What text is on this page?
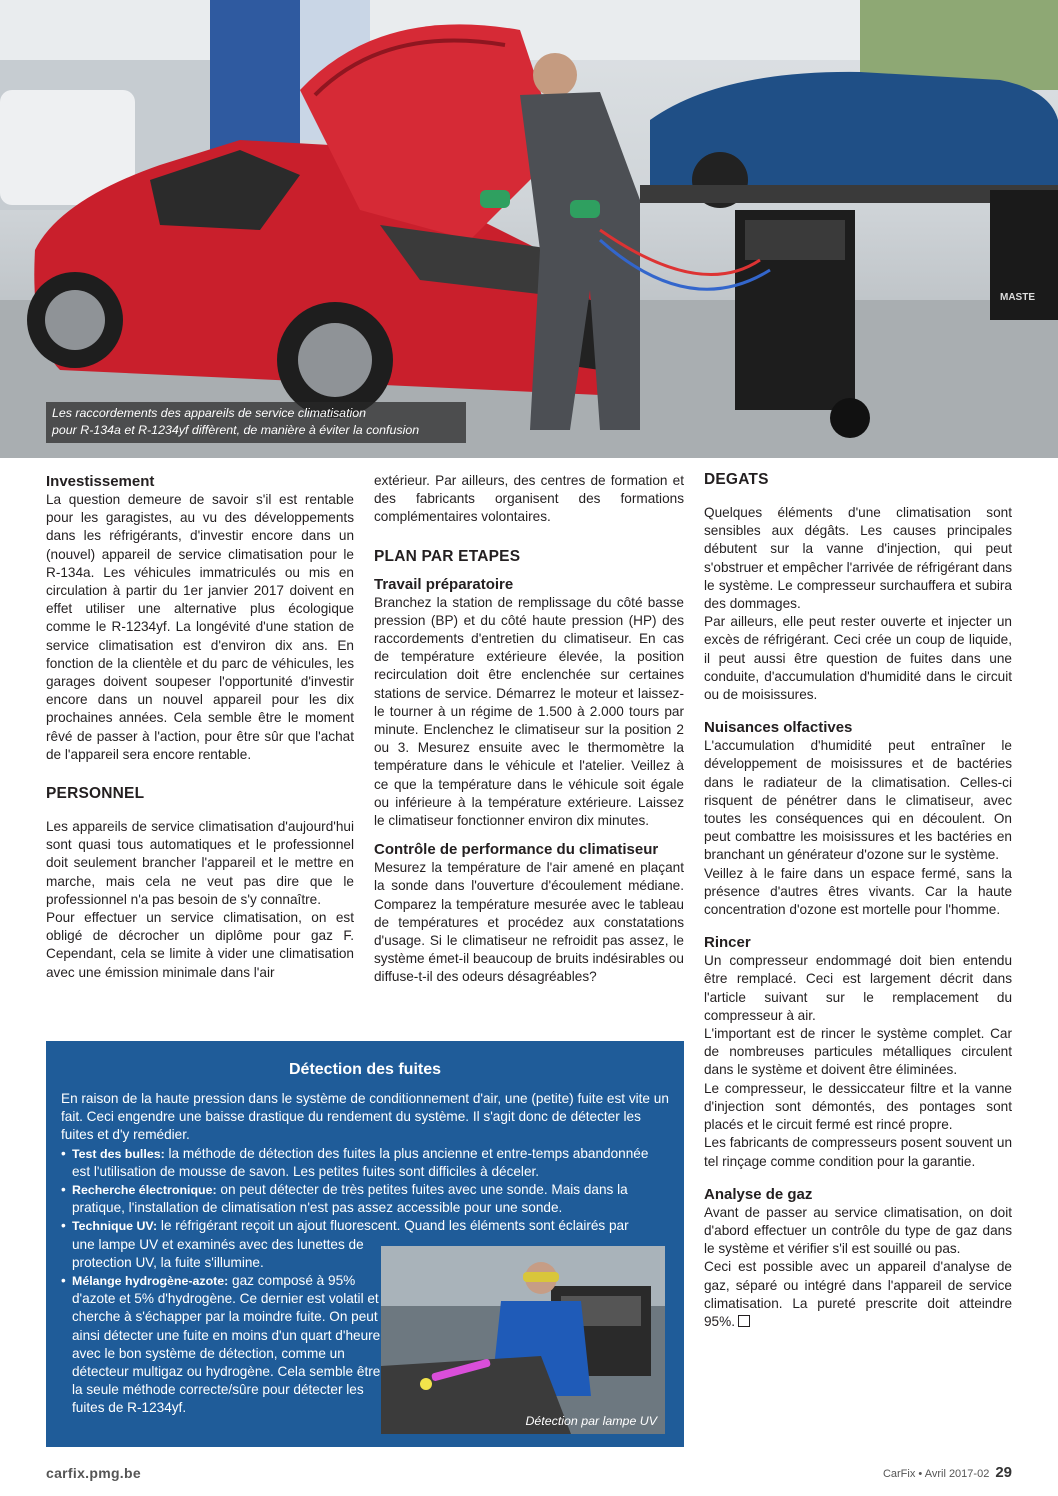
MASTE
Les raccordements des appareils de service climatisation
pour R-134a et R-1234yf diffèrent, de manière à éviter la confusion
Investissement

La question demeure de savoir s'il est rentable pour les garagistes, au vu des développements dans les réfrigérants, d'investir encore dans un (nouvel) appareil de service climatisation pour le R-134a. Les véhicules immatriculés ou mis en circulation à partir du 1er janvier 2017 doivent en effet utiliser une alternative plus écologique comme le R-1234yf. La longévité d'une station de service climatisation est d'environ dix ans. En fonction de la clientèle et du parc de véhicules, les garages doivent soupeser l'opportunité d'investir encore dans un nouvel appareil pour les dix prochaines années. Cela semble être le moment rêvé de passer à l'action, pour être sûr que l'achat de l'appareil sera encore rentable.

PERSONNEL

Les appareils de service climatisation d'aujourd'hui sont quasi tous automatiques et le professionnel doit seulement brancher l'appareil et le mettre en marche, mais cela ne veut pas dire que le professionnel n'a pas besoin de s'y connaître.

Pour effectuer un service climatisation, on est obligé de décrocher un diplôme pour gaz F. Cependant, cela se limite à vider une climatisation avec une émission minimale dans l'air

extérieur. Par ailleurs, des centres de formation et des fabricants organisent des formations complémentaires volontaires.

PLAN PAR ETAPES
Travail préparatoire

Branchez la station de remplissage du côté basse pression (BP) et du côté haute pression (HP) des raccordements d'entretien du climatiseur. En cas de température extérieure élevée, la position recirculation doit être enclenchée sur certaines stations de service. Démarrez le moteur et laissez-le tourner à un régime de 1.500 à 2.000 tours par minute. Enclenchez le climatiseur sur la position 2 ou 3. Mesurez ensuite avec le thermomètre la température dans le véhicule et l'atelier. Veillez à ce que la température dans le véhicule soit égale ou inférieure à la température extérieure. Laissez le climatiseur fonctionner environ dix minutes.

Contrôle de performance du climatiseur

Mesurez la température de l'air amené en plaçant la sonde dans l'ouverture d'écoulement médiane. Comparez la température mesurée avec le tableau de températures et procédez aux constatations d'usage. Si le climatiseur ne refroidit pas assez, le système émet-il beaucoup de bruits indésirables ou diffuse-t-il des odeurs désagréables?

DEGATS

Quelques éléments d'une climatisation sont sensibles aux dégâts. Les causes principales débutent sur la vanne d'injection, qui peut s'obstruer et empêcher l'arrivée de réfrigérant dans le système. Le compresseur surchauffera et subira des dommages.

Par ailleurs, elle peut rester ouverte et injecter un excès de réfrigérant. Ceci crée un coup de liquide, il peut aussi être question de fuites dans une conduite, d'accumulation d'humidité dans le circuit ou de moisissures.

Nuisances olfactives

L'accumulation d'humidité peut entraîner le développement de moisissures et de bactéries dans le radiateur de la climatisation. Celles-ci risquent de pénétrer dans le climatiseur, avec toutes les conséquences qui en découlent. On peut combattre les moisissures et les bactéries en branchant un générateur d'ozone sur le système.

Veillez à le faire dans un espace fermé, sans la présence d'autres êtres vivants. Car la haute concentration d'ozone est mortelle pour l'homme.

Rincer

Un compresseur endommagé doit bien entendu être remplacé. Ceci est largement décrit dans l'article suivant sur le remplacement du compresseur à air.

L'important est de rincer le système complet. Car de nombreuses particules métalliques circulent dans le système et doivent être éliminées.

Le compresseur, le dessiccateur filtre et la vanne d'injection sont démontés, des pontages sont placés et le circuit fermé est rincé propre.

Les fabricants de compresseurs posent souvent un tel rinçage comme condition pour la garantie.

Analyse de gaz

Avant de passer au service climatisation, on doit d'abord effectuer un contrôle du type de gaz dans le système et vérifier s'il est souillé ou pas.

Ceci est possible avec un appareil d'analyse de gaz, séparé ou intégré dans l'appareil de service climatisation. La pureté prescrite doit atteindre 95%.

Détection des fuites

En raison de la haute pression dans le système de conditionnement d'air, une (petite) fuite est vite un fait. Ceci engendre une baisse drastique du rendement du système. Il s'agit donc de détecter les fuites et d'y remédier.

• Test des bulles: la méthode de détection des fuites la plus ancienne et entre-temps abandonnée est l'utilisation de mousse de savon. Les petites fuites sont difficiles à déceler.
• Recherche électronique: on peut détecter de très petites fuites avec une sonde. Mais dans la pratique, l'installation de climatisation n'est pas assez accessible pour une sonde.
• Technique UV: le réfrigérant reçoit un ajout fluorescent. Quand les éléments sont éclairés par
une lampe UV et examinés avec des lunettes de protection UV, la fuite s'illumine.
• Mélange hydrogène-azote: gaz composé à 95% d'azote et 5% d'hydrogène. Ce dernier est volatil et cherche à s'échapper par la moindre fuite. On peut ainsi détecter une fuite en moins d'un quart d'heure avec le bon système de détection, comme un détecteur multigaz ou hydrogène. Cela semble être la seule méthode correcte/sûre pour détecter les fuites de R-1234yf.
Détection par lampe UV
carfix.pmg.be	CarFix • Avril 2017-02 29
